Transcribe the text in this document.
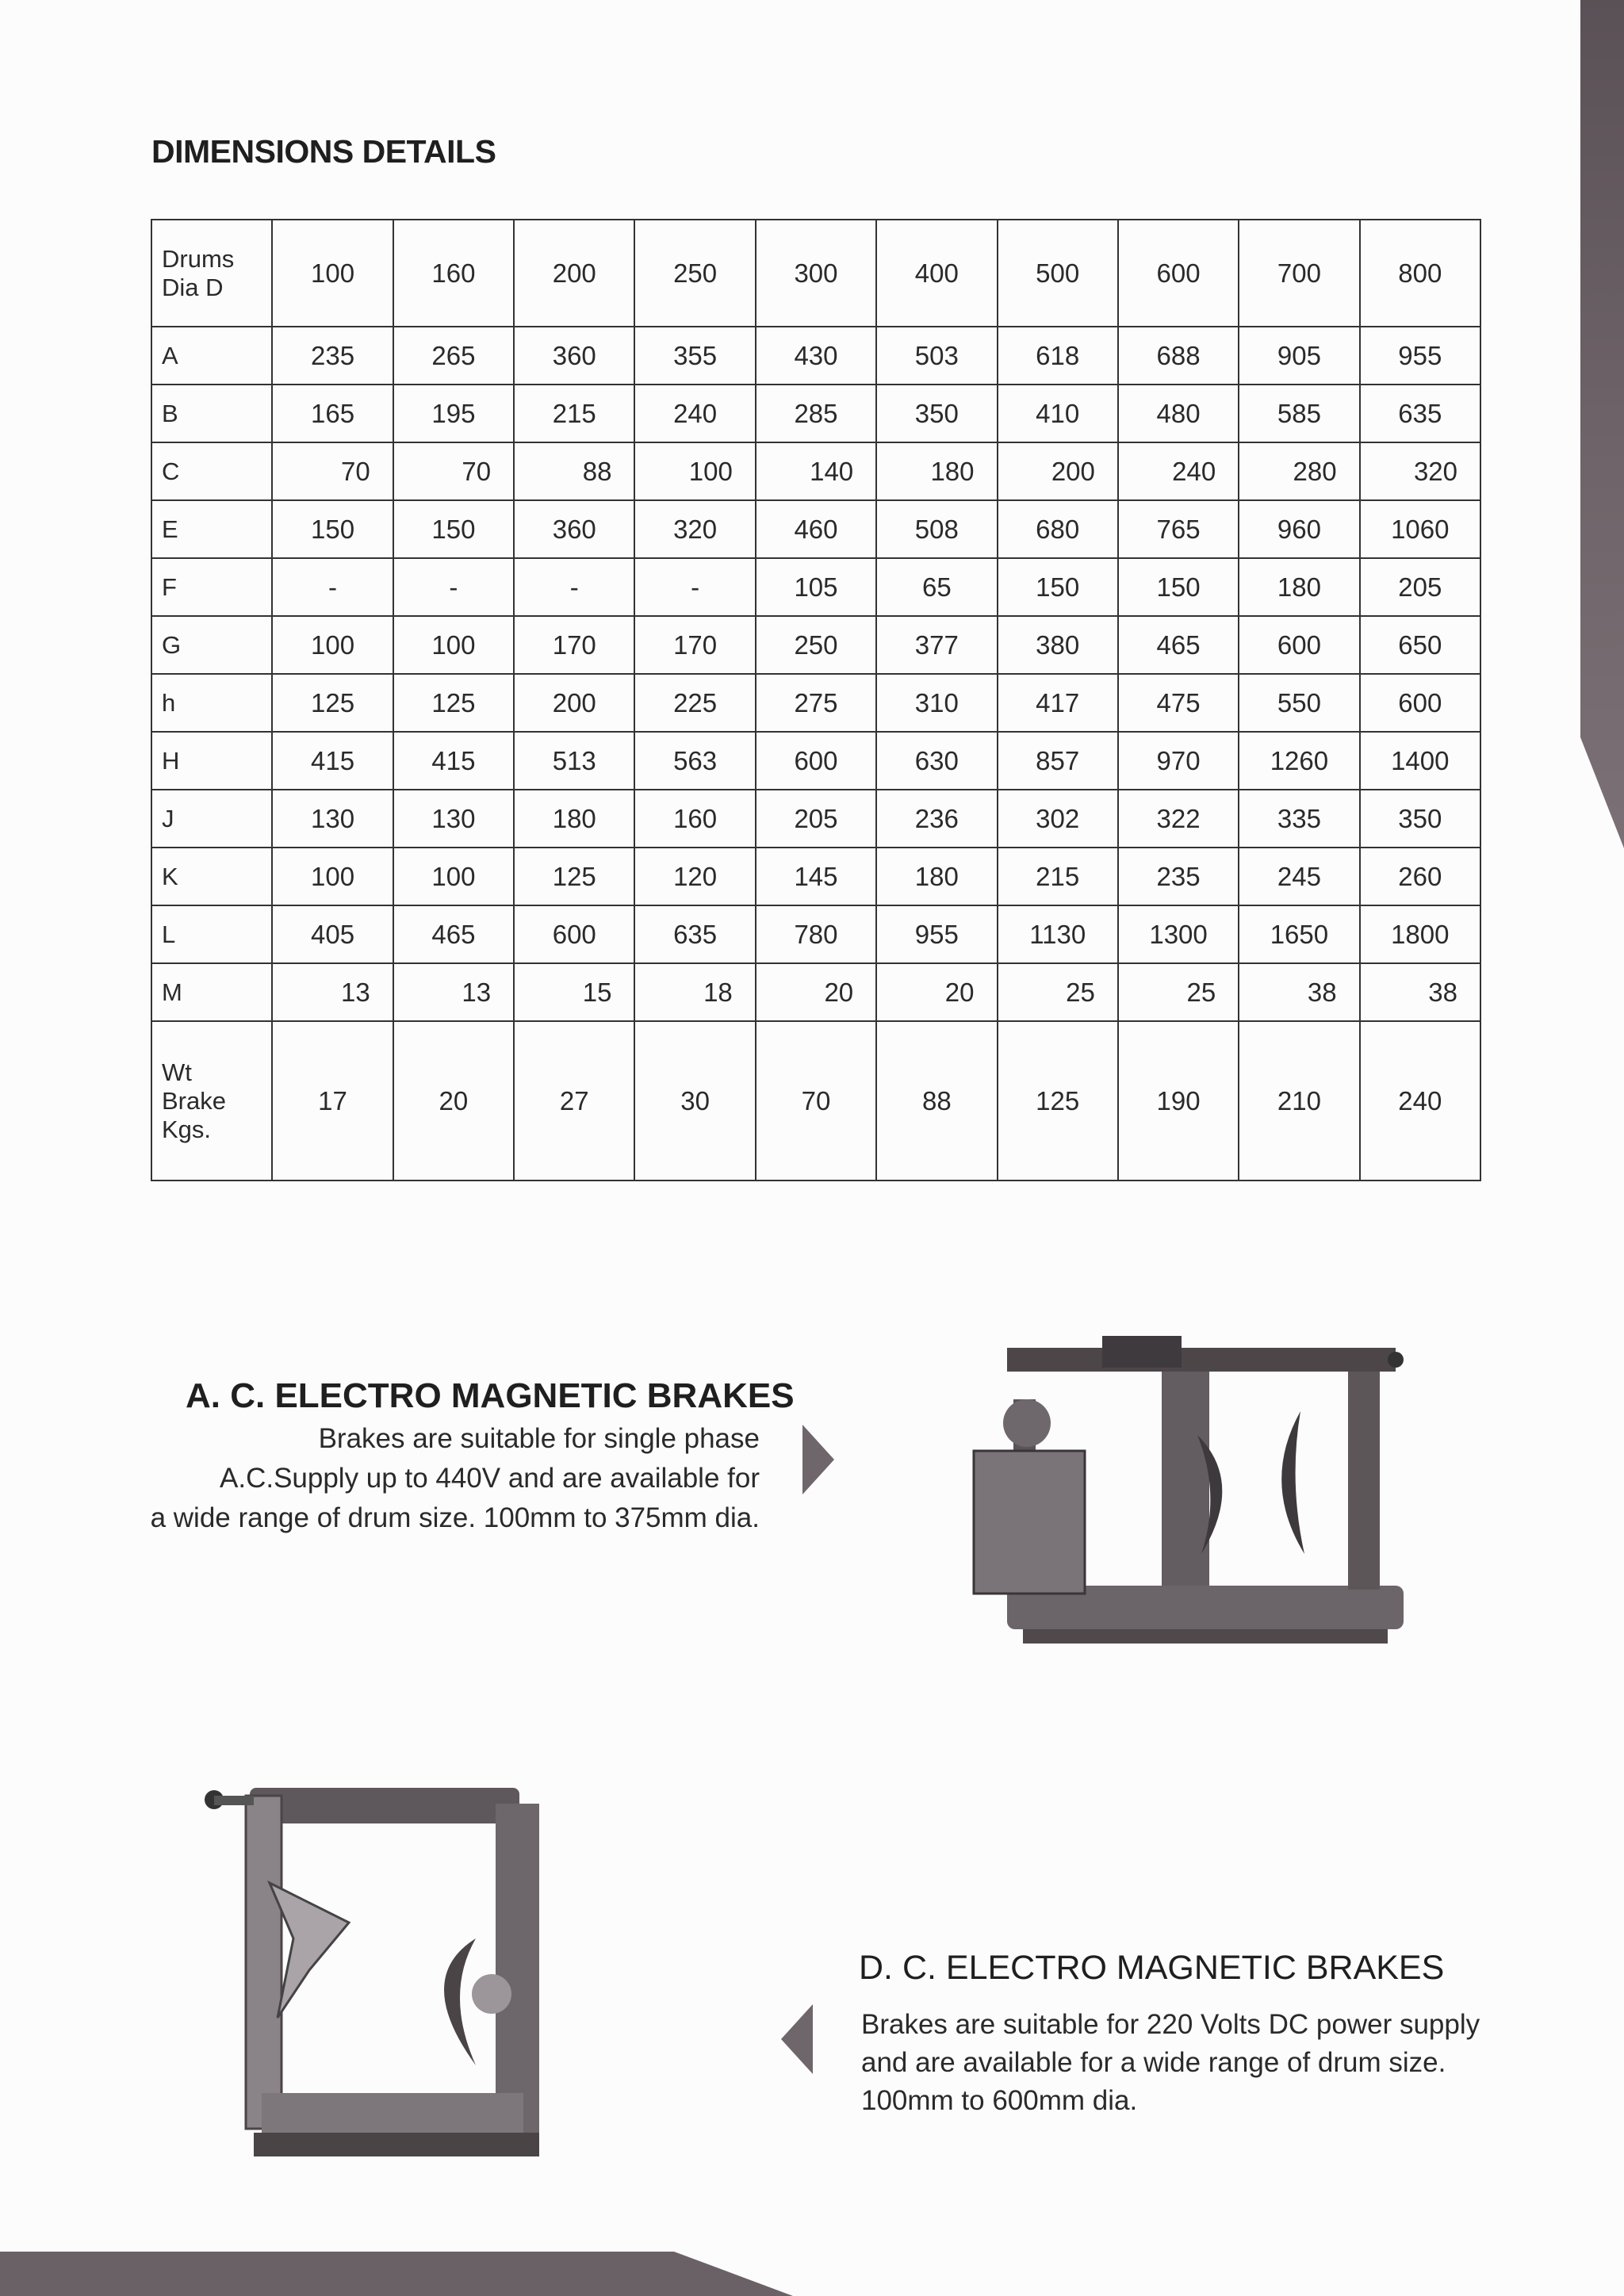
DIMENSIONS DETAILS
Drums Dia D	100	160	200	250	300	400	500	600	700	800
A	235	265	360	355	430	503	618	688	905	955
B	165	195	215	240	285	350	410	480	585	635
C	70	70	88	100	140	180	200	240	280	320
E	150	150	360	320	460	508	680	765	960	1060
F	-	-	-	-	105	65	150	150	180	205
G	100	100	170	170	250	377	380	465	600	650
h	125	125	200	225	275	310	417	475	550	600
H	415	415	513	563	600	630	857	970	1260	1400
J	130	130	180	160	205	236	302	322	335	350
K	100	100	125	120	145	180	215	235	245	260
L	405	465	600	635	780	955	1130	1300	1650	1800
M	13	13	15	18	20	20	25	25	38	38
Wt Brake Kgs.	17	20	27	30	70	88	125	190	210	240
A. C. ELECTRO MAGNETIC BRAKES
Brakes are suitable for single phase
A.C.Supply up to 440V and are available for
a wide range of drum size. 100mm to 375mm dia.
D. C. ELECTRO MAGNETIC BRAKES
Brakes are suitable for 220 Volts DC power supply
and are available for a wide range of drum size.
100mm to 600mm dia.
